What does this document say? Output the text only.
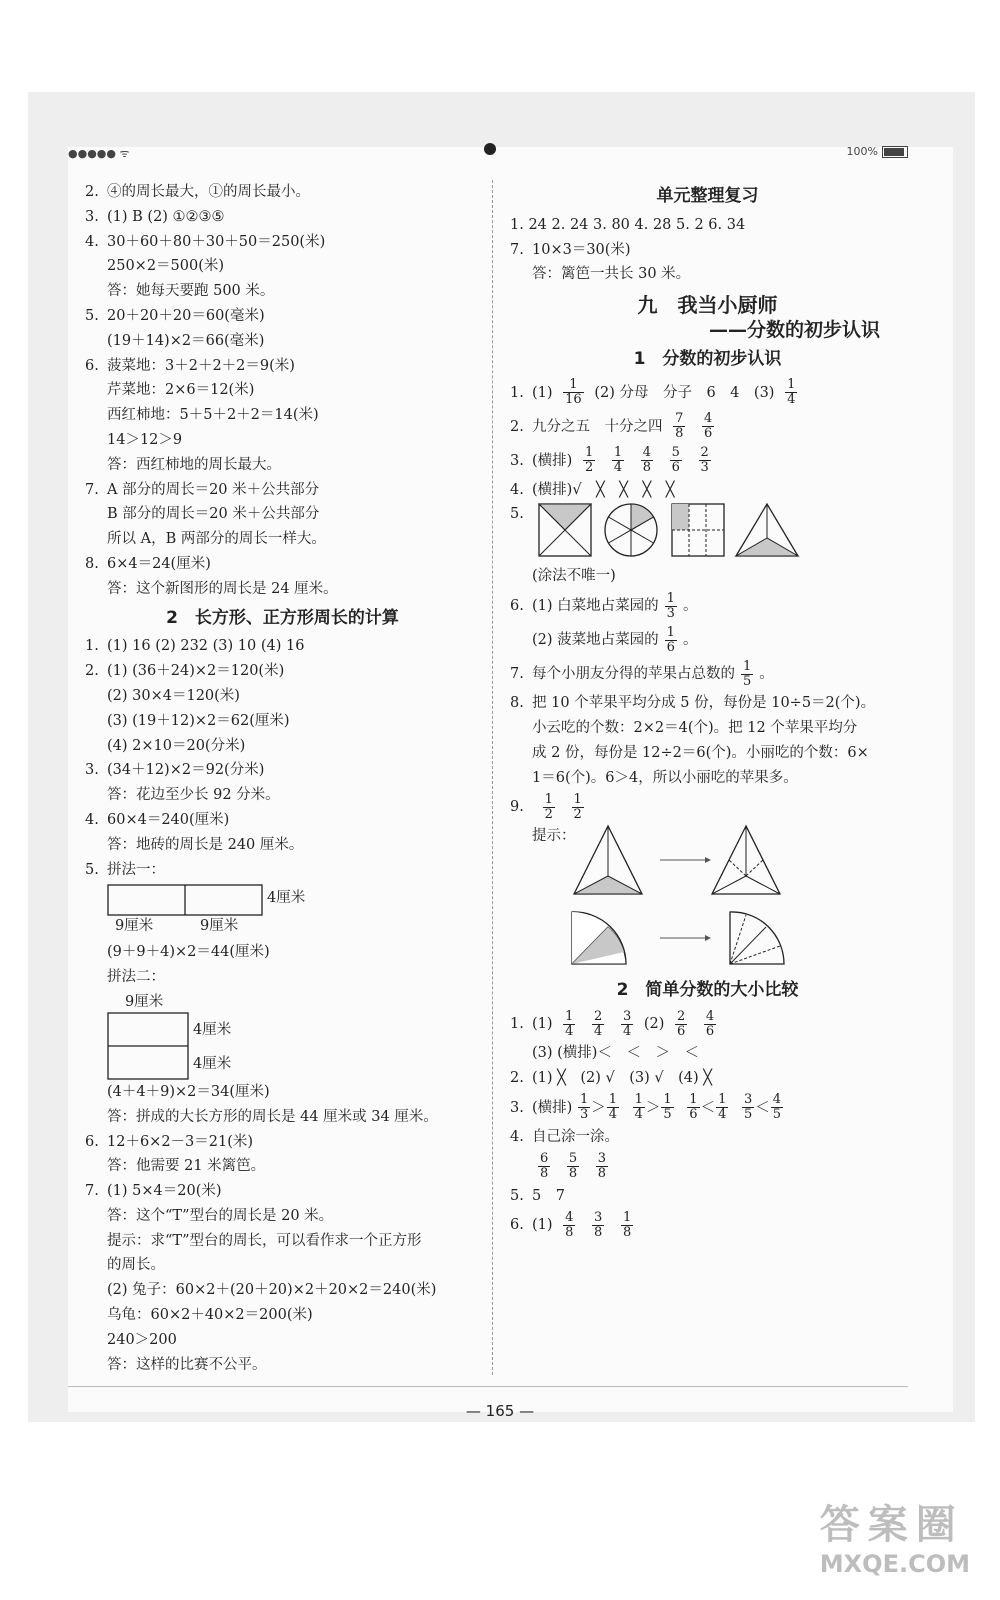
●●●●● ᯤ	100%
2. ④的周长最大，①的周长最小。
3. (1) B (2) ①②③⑤
4. 30＋60＋80＋30＋50＝250(米)
250×2＝500(米)
答：她每天要跑 500 米。
5. 20＋20＋20＝60(毫米)
(19＋14)×2＝66(毫米)
6. 菠菜地：3＋2＋2＋2＝9(米)
芹菜地：2×6＝12(米)
西红柿地：5＋5＋2＋2＝14(米)
14＞12＞9
答：西红柿地的周长最大。
7. A 部分的周长＝20 米＋公共部分
B 部分的周长＝20 米＋公共部分
所以 A，B 两部分的周长一样大。
8. 6×4＝24(厘米)
答：这个新图形的周长是 24 厘米。
2　长方形、正方形周长的计算
1. (1) 16 (2) 232 (3) 10 (4) 16
2. (1) (36＋24)×2＝120(米)
(2) 30×4＝120(米)
(3) (19＋12)×2＝62(厘米)
(4) 2×10＝20(分米)
3. (34＋12)×2＝92(分米)
答：花边至少长 92 分米。
4. 60×4＝240(厘米)
答：地砖的周长是 240 厘米。
5. 拼法一：
4厘米
9厘米	9厘米
(9＋9＋4)×2＝44(厘米)
拼法二：
9厘米
4厘米
4厘米
(4＋4＋9)×2＝34(厘米)
答：拼成的大长方形的周长是 44 厘米或 34 厘米。
6. 12＋6×2－3＝21(米)
答：他需要 21 米篱笆。
7. (1) 5×4＝20(米)
答：这个“T”型台的周长是 20 米。
提示：求“T”型台的周长，可以看作求一个正方形
的周长。
(2) 兔子：60×2＋(20＋20)×2＋20×2＝240(米)
乌龟：60×2＋40×2＝200(米)
240＞200
答：这样的比赛不公平。
单元整理复习
1. 24 2. 24 3. 80 4. 28 5. 2 6. 34
7. 10×3＝30(米)
答：篱笆一共长 30 米。
九　我当小厨师
——分数的初步认识
1　分数的初步认识
1. $(1) \frac{1}{16} (2)$ 分母　分子　6　4　$(3) \frac{1}{4}$
2. 九分之五　十分之四 $\frac{7}{8}$
$\frac{4}{6}$
3. (横排) $\frac{1}{2}$
$\frac{1}{4}$
$\frac{4}{8}$
$\frac{5}{6}$
$\frac{2}{3}$
4. (横排)√　╳　╳　╳　╳
5.
(涂法不唯一)
6. (1) 白菜地占菜园的 $\frac{1}{3}$ 。
(2) 菠菜地占菜园的 $\frac{1}{6}$ 。
7. 每个小朋友分得的苹果占总数的 $\frac{1}{5}$ 。
8. 把 10 个苹果平均分成 5 份，每份是 10÷5＝2(个)。
小云吃的个数：2×2＝4(个)。把 12 个苹果平均分
成 2 份，每份是 12÷2＝6(个)。小丽吃的个数：6×
1＝6(个)。6＞4，所以小丽吃的苹果多。
9. $\frac{1}{2}$
$\frac{1}{2}$
提示：
2　简单分数的大小比较
1. $(1) \frac{1}{4}$
$\frac{2}{4}$
$\frac{3}{4} (2) \frac{2}{6}$
$\frac{4}{6}$
(3) (横排)＜　＜　＞　＜
2. (1) ╳　(2) √　(3) √　(4) ╳
3. (横排) $\frac{1}{3} > \frac{1}{4}$
$\frac{1}{4} > \frac{1}{5}$
$\frac{1}{6} < \frac{1}{4}$
$\frac{3}{5} < \frac{4}{5}$
4. 自己涂一涂。
$\frac{6}{8}$
$\frac{5}{8}$
$\frac{3}{8}$
5. 5　7
6. $(1) \frac{4}{8}$
$\frac{3}{8}$
$\frac{1}{8}$
— 165 —
答案圈
MXQE.COM
